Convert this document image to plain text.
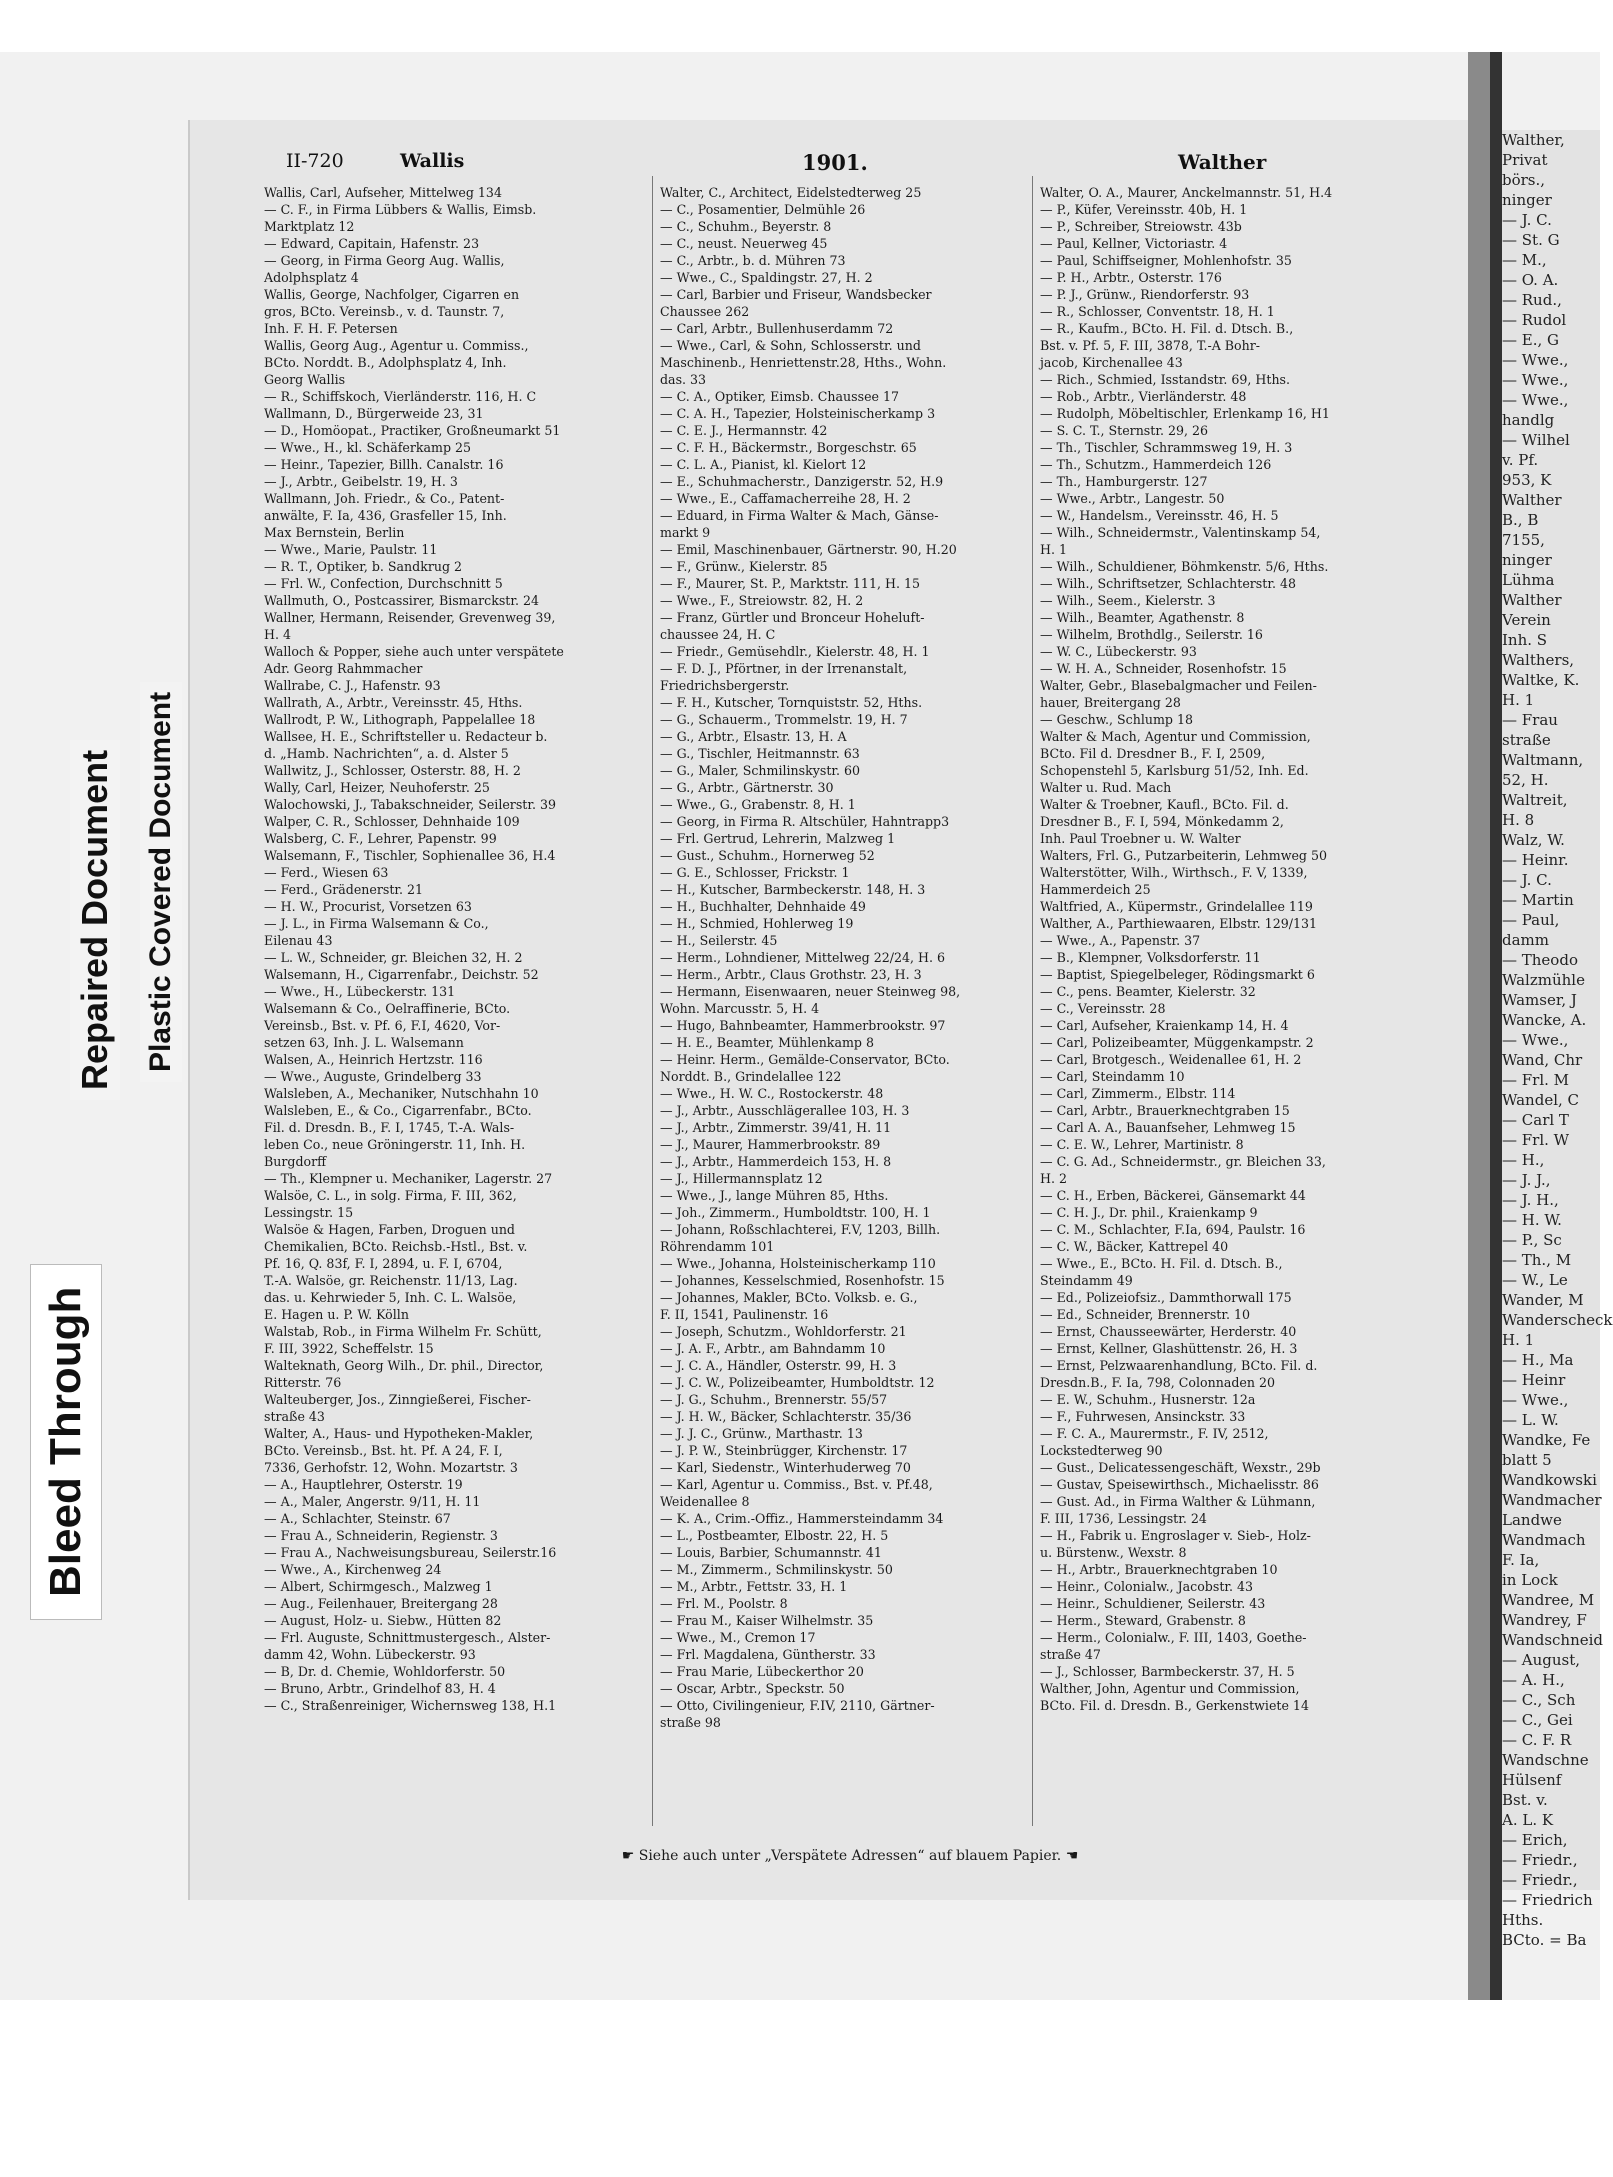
Walther,
Privat
börs.,
ninger
— J. C.
— St. G
— M.,
— O. A.
— Rud.,
— Rudol
— E., G
— Wwe.,
— Wwe.,
— Wwe.,
handlg
— Wilhel
v. Pf.
953, K
Walther
B., B
7155,
ninger
Lühma
Walther
Verein
Inh. S
Walthers,
Waltke, K.
H. 1
— Frau
straße
Waltmann,
52, H.
Waltreit,
H. 8
Walz, W.
— Heinr.
— J. C.
— Martin
— Paul,
damm
— Theodo
Walzmühle
Wamser, J
Wancke, A.
— Wwe.,
Wand, Chr
— Frl. M
Wandel, C
— Carl T
— Frl. W
— H.,
— J. J.,
— J. H.,
— H. W.
— P., Sc
— Th., M
— W., Le
Wander, M
Wanderscheck
H. 1
— H., Ma
— Heinr
— Wwe.,
— L. W.
Wandke, Fe
blatt 5
Wandkowski
Wandmacher
Landwe
Wandmach
F. Ia,
in Lock
Wandree, M
Wandrey, F
Wandschneid
— August,
— A. H.,
— C., Sch
— C., Gei
— C. F. R
Wandschne
Hülsenf
Bst. v.
A. L. K
— Erich,
— Friedr.,
— Friedr.,
— Friedrich
Hths.
BCto. = Ba
Bleed Through
Repaired Document Plastic Covered Document
II-720	Wallis	1901.	Walther
Wallis, Carl, Aufseher, Mittelweg 134
— C. F., in Firma Lübbers & Wallis, Eimsb.
Marktplatz 12
— Edward, Capitain, Hafenstr. 23
— Georg, in Firma Georg Aug. Wallis,
Adolphsplatz 4
Wallis, George, Nachfolger, Cigarren en
gros, BCto. Vereinsb., v. d. Taunstr. 7,
Inh. F. H. F. Petersen
Wallis, Georg Aug., Agentur u. Commiss.,
BCto. Norddt. B., Adolphsplatz 4, Inh.
Georg Wallis
— R., Schiffskoch, Vierländerstr. 116, H. C
Wallmann, D., Bürgerweide 23, 31
— D., Homöopat., Practiker, Großneumarkt 51
— Wwe., H., kl. Schäferkamp 25
— Heinr., Tapezier, Billh. Canalstr. 16
— J., Arbtr., Geibelstr. 19, H. 3
Wallmann, Joh. Friedr., & Co., Patent-
anwälte, F. Ia, 436, Grasfeller 15, Inh.
Max Bernstein, Berlin
— Wwe., Marie, Paulstr. 11
— R. T., Optiker, b. Sandkrug 2
— Frl. W., Confection, Durchschnitt 5
Wallmuth, O., Postcassirer, Bismarckstr. 24
Wallner, Hermann, Reisender, Grevenweg 39,
H. 4
Walloch & Popper, siehe auch unter verspätete
Adr. Georg Rahmmacher
Wallrabe, C. J., Hafenstr. 93
Wallrath, A., Arbtr., Vereinsstr. 45, Hths.
Wallrodt, P. W., Lithograph, Pappelallee 18
Wallsee, H. E., Schriftsteller u. Redacteur b.
d. „Hamb. Nachrichten“, a. d. Alster 5
Wallwitz, J., Schlosser, Osterstr. 88, H. 2
Wally, Carl, Heizer, Neuhoferstr. 25
Walochowski, J., Tabakschneider, Seilerstr. 39
Walper, C. R., Schlosser, Dehnhaide 109
Walsberg, C. F., Lehrer, Papenstr. 99
Walsemann, F., Tischler, Sophienallee 36, H.4
— Ferd., Wiesen 63
— Ferd., Grädenerstr. 21
— H. W., Procurist, Vorsetzen 63
— J. L., in Firma Walsemann & Co.,
Eilenau 43
— L. W., Schneider, gr. Bleichen 32, H. 2
Walsemann, H., Cigarrenfabr., Deichstr. 52
— Wwe., H., Lübeckerstr. 131
Walsemann & Co., Oelraffinerie, BCto.
Vereinsb., Bst. v. Pf. 6, F.I, 4620, Vor-
setzen 63, Inh. J. L. Walsemann
Walsen, A., Heinrich Hertzstr. 116
— Wwe., Auguste, Grindelberg 33
Walsleben, A., Mechaniker, Nutschhahn 10
Walsleben, E., & Co., Cigarrenfabr., BCto.
Fil. d. Dresdn. B., F. I, 1745, T.-A. Wals-
leben Co., neue Gröningerstr. 11, Inh. H.
Burgdorff
— Th., Klempner u. Mechaniker, Lagerstr. 27
Walsöe, C. L., in solg. Firma, F. III, 362,
Lessingstr. 15
Walsöe & Hagen, Farben, Droguen und
Chemikalien, BCto. Reichsb.-Hstl., Bst. v.
Pf. 16, Q. 83f, F. I, 2894, u. F. I, 6704,
T.-A. Walsöe, gr. Reichenstr. 11/13, Lag.
das. u. Kehrwieder 5, Inh. C. L. Walsöe,
E. Hagen u. P. W. Kölln
Walstab, Rob., in Firma Wilhelm Fr. Schütt,
F. III, 3922, Scheffelstr. 15
Walteknath, Georg Wilh., Dr. phil., Director,
Ritterstr. 76
Walteuberger, Jos., Zinngießerei, Fischer-
straße 43
Walter, A., Haus- und Hypotheken-Makler,
BCto. Vereinsb., Bst. ht. Pf. A 24, F. I,
7336, Gerhofstr. 12, Wohn. Mozartstr. 3
— A., Hauptlehrer, Osterstr. 19
— A., Maler, Angerstr. 9/11, H. 11
— A., Schlachter, Steinstr. 67
— Frau A., Schneiderin, Regienstr. 3
— Frau A., Nachweisungsbureau, Seilerstr.16
— Wwe., A., Kirchenweg 24
— Albert, Schirmgesch., Malzweg 1
— Aug., Feilenhauer, Breitergang 28
— August, Holz- u. Siebw., Hütten 82
— Frl. Auguste, Schnittmustergesch., Alster-
damm 42, Wohn. Lübeckerstr. 93
— B, Dr. d. Chemie, Wohldorferstr. 50
— Bruno, Arbtr., Grindelhof 83, H. 4
— C., Straßenreiniger, Wichernsweg 138, H.1
Walter, C., Architect, Eidelstedterweg 25
— C., Posamentier, Delmühle 26
— C., Schuhm., Beyerstr. 8
— C., neust. Neuerweg 45
— C., Arbtr., b. d. Mühren 73
— Wwe., C., Spaldingstr. 27, H. 2
— Carl, Barbier und Friseur, Wandsbecker
Chaussee 262
— Carl, Arbtr., Bullenhuserdamm 72
— Wwe., Carl, & Sohn, Schlosserstr. und
Maschinenb., Henriettenstr.28, Hths., Wohn.
das. 33
— C. A., Optiker, Eimsb. Chaussee 17
— C. A. H., Tapezier, Holsteinischerkamp 3
— C. E. J., Hermannstr. 42
— C. F. H., Bäckermstr., Borgeschstr. 65
— C. L. A., Pianist, kl. Kielort 12
— E., Schuhmacherstr., Danzigerstr. 52, H.9
— Wwe., E., Caffamacherreihe 28, H. 2
— Eduard, in Firma Walter & Mach, Gänse-
markt 9
— Emil, Maschinenbauer, Gärtnerstr. 90, H.20
— F., Grünw., Kielerstr. 85
— F., Maurer, St. P., Marktstr. 111, H. 15
— Wwe., F., Streiowstr. 82, H. 2
— Franz, Gürtler und Bronceur Hoheluft-
chaussee 24, H. C
— Friedr., Gemüsehdlr., Kielerstr. 48, H. 1
— F. D. J., Pförtner, in der Irrenanstalt,
Friedrichsbergerstr.
— F. H., Kutscher, Tornquiststr. 52, Hths.
— G., Schauerm., Trommelstr. 19, H. 7
— G., Arbtr., Elsastr. 13, H. A
— G., Tischler, Heitmannstr. 63
— G., Maler, Schmilinskystr. 60
— G., Arbtr., Gärtnerstr. 30
— Wwe., G., Grabenstr. 8, H. 1
— Georg, in Firma R. Altschüler, Hahntrapp3
— Frl. Gertrud, Lehrerin, Malzweg 1
— Gust., Schuhm., Hornerweg 52
— G. E., Schlosser, Frickstr. 1
— H., Kutscher, Barmbeckerstr. 148, H. 3
— H., Buchhalter, Dehnhaide 49
— H., Schmied, Hohlerweg 19
— H., Seilerstr. 45
— Herm., Lohndiener, Mittelweg 22/24, H. 6
— Herm., Arbtr., Claus Grothstr. 23, H. 3
— Hermann, Eisenwaaren, neuer Steinweg 98,
Wohn. Marcusstr. 5, H. 4
— Hugo, Bahnbeamter, Hammerbrookstr. 97
— H. E., Beamter, Mühlenkamp 8
— Heinr. Herm., Gemälde-Conservator, BCto.
Norddt. B., Grindelallee 122
— Wwe., H. W. C., Rostockerstr. 48
— J., Arbtr., Ausschlägerallee 103, H. 3
— J., Arbtr., Zimmerstr. 39/41, H. 11
— J., Maurer, Hammerbrookstr. 89
— J., Arbtr., Hammerdeich 153, H. 8
— J., Hillermannsplatz 12
— Wwe., J., lange Mühren 85, Hths.
— Joh., Zimmerm., Humboldtstr. 100, H. 1
— Johann, Roßschlachterei, F.V, 1203, Billh.
Röhrendamm 101
— Wwe., Johanna, Holsteinischerkamp 110
— Johannes, Kesselschmied, Rosenhofstr. 15
— Johannes, Makler, BCto. Volksb. e. G.,
F. II, 1541, Paulinenstr. 16
— Joseph, Schutzm., Wohldorferstr. 21
— J. A. F., Arbtr., am Bahndamm 10
— J. C. A., Händler, Osterstr. 99, H. 3
— J. C. W., Polizeibeamter, Humboldtstr. 12
— J. G., Schuhm., Brennerstr. 55/57
— J. H. W., Bäcker, Schlachterstr. 35/36
— J. J. C., Grünw., Marthastr. 13
— J. P. W., Steinbrügger, Kirchenstr. 17
— Karl, Siedenstr., Winterhuderweg 70
— Karl, Agentur u. Commiss., Bst. v. Pf.48,
Weidenallee 8
— K. A., Crim.-Offiz., Hammersteindamm 34
— L., Postbeamter, Elbostr. 22, H. 5
— Louis, Barbier, Schumannstr. 41
— M., Zimmerm., Schmilinskystr. 50
— M., Arbtr., Fettstr. 33, H. 1
— Frl. M., Poolstr. 8
— Frau M., Kaiser Wilhelmstr. 35
— Wwe., M., Cremon 17
— Frl. Magdalena, Güntherstr. 33
— Frau Marie, Lübeckerthor 20
— Oscar, Arbtr., Speckstr. 50
— Otto, Civilingenieur, F.IV, 2110, Gärtner-
straße 98
Walter, O. A., Maurer, Anckelmannstr. 51, H.4
— P., Küfer, Vereinsstr. 40b, H. 1
— P., Schreiber, Streiowstr. 43b
— Paul, Kellner, Victoriastr. 4
— Paul, Schiffseigner, Mohlenhofstr. 35
— P. H., Arbtr., Osterstr. 176
— P. J., Grünw., Riendorferstr. 93
— R., Schlosser, Conventstr. 18, H. 1
— R., Kaufm., BCto. H. Fil. d. Dtsch. B.,
Bst. v. Pf. 5, F. III, 3878, T.-A Bohr-
jacob, Kirchenallee 43
— Rich., Schmied, Isstandstr. 69, Hths.
— Rob., Arbtr., Vierländerstr. 48
— Rudolph, Möbeltischler, Erlenkamp 16, H1
— S. C. T., Sternstr. 29, 26
— Th., Tischler, Schrammsweg 19, H. 3
— Th., Schutzm., Hammerdeich 126
— Th., Hamburgerstr. 127
— Wwe., Arbtr., Langestr. 50
— W., Handelsm., Vereinsstr. 46, H. 5
— Wilh., Schneidermstr., Valentinskamp 54,
H. 1
— Wilh., Schuldiener, Böhmkenstr. 5/6, Hths.
— Wilh., Schriftsetzer, Schlachterstr. 48
— Wilh., Seem., Kielerstr. 3
— Wilh., Beamter, Agathenstr. 8
— Wilhelm, Brothdlg., Seilerstr. 16
— W. C., Lübeckerstr. 93
— W. H. A., Schneider, Rosenhofstr. 15
Walter, Gebr., Blasebalgmacher und Feilen-
hauer, Breitergang 28
— Geschw., Schlump 18
Walter & Mach, Agentur und Commission,
BCto. Fil d. Dresdner B., F. I, 2509,
Schopenstehl 5, Karlsburg 51/52, Inh. Ed.
Walter u. Rud. Mach
Walter & Troebner, Kaufl., BCto. Fil. d.
Dresdner B., F. I, 594, Mönkedamm 2,
Inh. Paul Troebner u. W. Walter
Walters, Frl. G., Putzarbeiterin, Lehmweg 50
Walterstötter, Wilh., Wirthsch., F. V, 1339,
Hammerdeich 25
Waltfried, A., Küpermstr., Grindelallee 119
Walther, A., Parthiewaaren, Elbstr. 129/131
— Wwe., A., Papenstr. 37
— B., Klempner, Volksdorferstr. 11
— Baptist, Spiegelbeleger, Rödingsmarkt 6
— C., pens. Beamter, Kielerstr. 32
— C., Vereinsstr. 28
— Carl, Aufseher, Kraienkamp 14, H. 4
— Carl, Polizeibeamter, Müggenkampstr. 2
— Carl, Brotgesch., Weidenallee 61, H. 2
— Carl, Steindamm 10
— Carl, Zimmerm., Elbstr. 114
— Carl, Arbtr., Brauerknechtgraben 15
— Carl A. A., Bauanfseher, Lehmweg 15
— C. E. W., Lehrer, Martinistr. 8
— C. G. Ad., Schneidermstr., gr. Bleichen 33,
H. 2
— C. H., Erben, Bäckerei, Gänsemarkt 44
— C. H. J., Dr. phil., Kraienkamp 9
— C. M., Schlachter, F.Ia, 694, Paulstr. 16
— C. W., Bäcker, Kattrepel 40
— Wwe., E., BCto. H. Fil. d. Dtsch. B.,
Steindamm 49
— Ed., Polizeiofsiz., Dammthorwall 175
— Ed., Schneider, Brennerstr. 10
— Ernst, Chausseewärter, Herderstr. 40
— Ernst, Kellner, Glashüttenstr. 26, H. 3
— Ernst, Pelzwaarenhandlung, BCto. Fil. d.
Dresdn.B., F. Ia, 798, Colonnaden 20
— E. W., Schuhm., Husnerstr. 12a
— F., Fuhrwesen, Ansinckstr. 33
— F. C. A., Maurermstr., F. IV, 2512,
Lockstedterweg 90
— Gust., Delicatessengeschäft, Wexstr., 29b
— Gustav, Speisewirthsch., Michaelisstr. 86
— Gust. Ad., in Firma Walther & Lühmann,
F. III, 1736, Lessingstr. 24
— H., Fabrik u. Engroslager v. Sieb-, Holz-
u. Bürstenw., Wexstr. 8
— H., Arbtr., Brauerknechtgraben 10
— Heinr., Colonialw., Jacobstr. 43
— Heinr., Schuldiener, Seilerstr. 43
— Herm., Steward, Grabenstr. 8
— Herm., Colonialw., F. III, 1403, Goethe-
straße 47
— J., Schlosser, Barmbeckerstr. 37, H. 5
Walther, John, Agentur und Commission,
BCto. Fil. d. Dresdn. B., Gerkenstwiete 14
☛ Siehe auch unter „Verspätete Adressen“ auf blauem Papier. ☚
